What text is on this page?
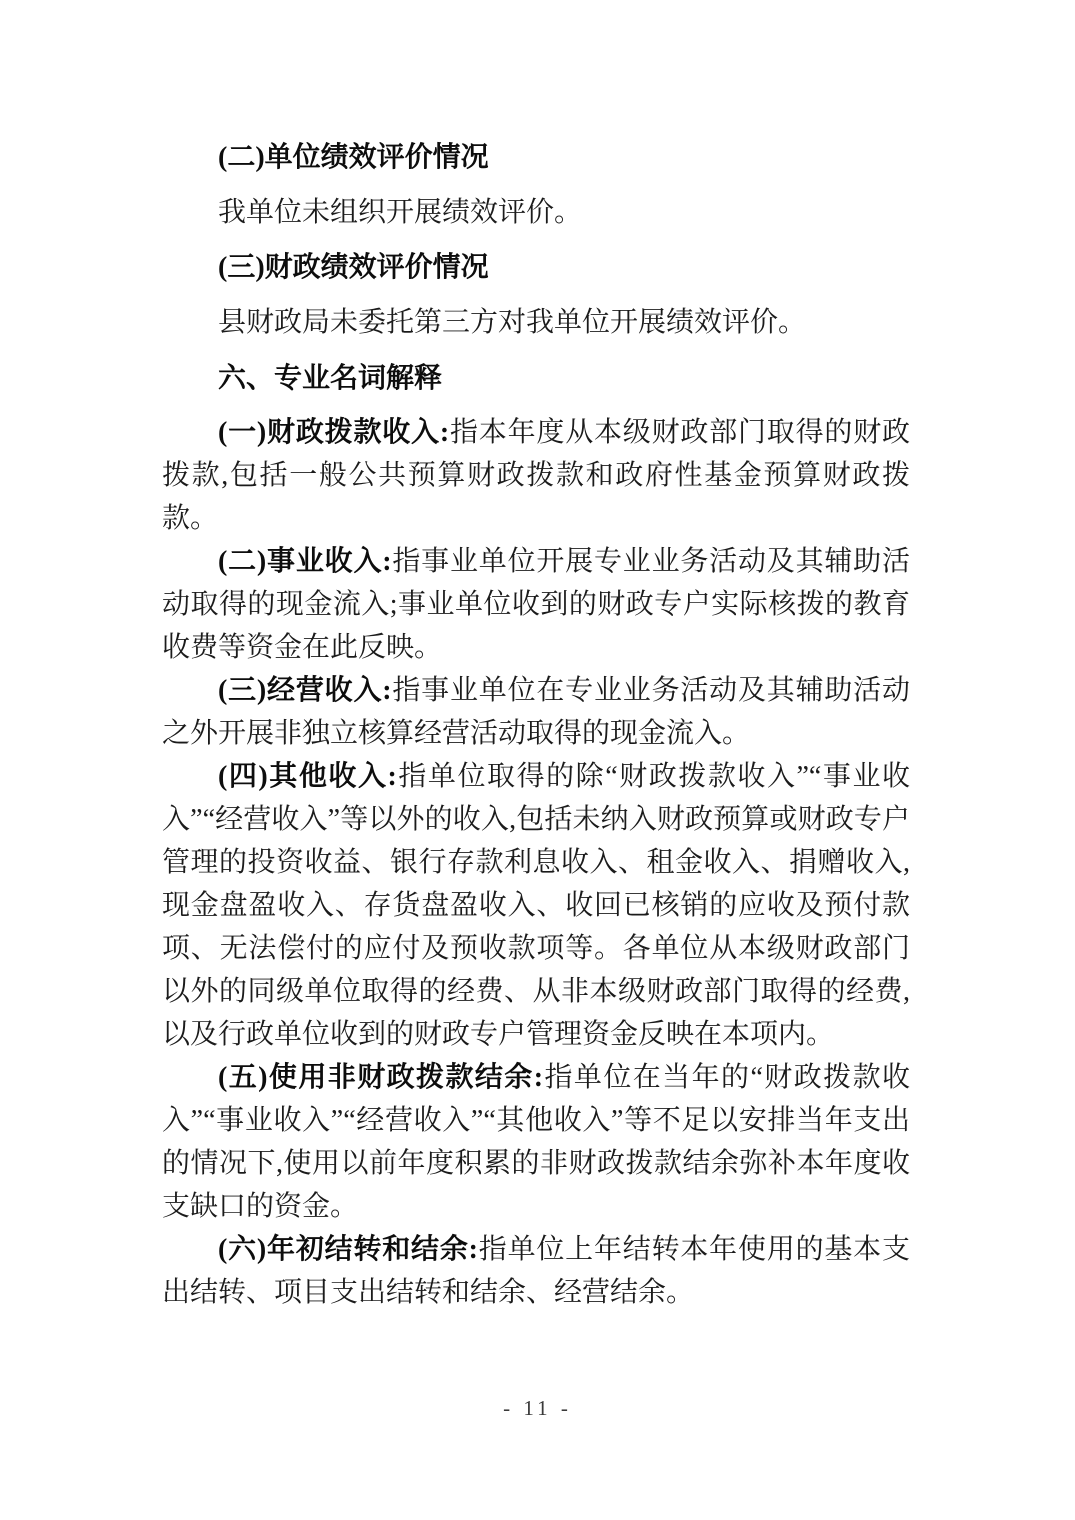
(二)单位绩效评价情况

我单位未组织开展绩效评价。

(三)财政绩效评价情况

县财政局未委托第三方对我单位开展绩效评价。

六、专业名词解释

(一)财政拨款收入:指本年度从本级财政部门取得的财政拨款,包括一般公共预算财政拨款和政府性基金预算财政拨款。

(二)事业收入:指事业单位开展专业业务活动及其辅助活动取得的现金流入;事业单位收到的财政专户实际核拨的教育收费等资金在此反映。

(三)经营收入:指事业单位在专业业务活动及其辅助活动之外开展非独立核算经营活动取得的现金流入。

(四)其他收入:指单位取得的除“财政拨款收入”“事业收入”“经营收入”等以外的收入,包括未纳入财政预算或财政专户管理的投资收益、银行存款利息收入、租金收入、捐赠收入,现金盘盈收入、存货盘盈收入、收回已核销的应收及预付款项、无法偿付的应付及预收款项等。各单位从本级财政部门以外的同级单位取得的经费、从非本级财政部门取得的经费,以及行政单位收到的财政专户管理资金反映在本项内。

(五)使用非财政拨款结余:指单位在当年的“财政拨款收入”“事业收入”“经营收入”“其他收入”等不足以安排当年支出的情况下,使用以前年度积累的非财政拨款结余弥补本年度收支缺口的资金。

(六)年初结转和结余:指单位上年结转本年使用的基本支出结转、项目支出结转和结余、经营结余。

- 11 -
